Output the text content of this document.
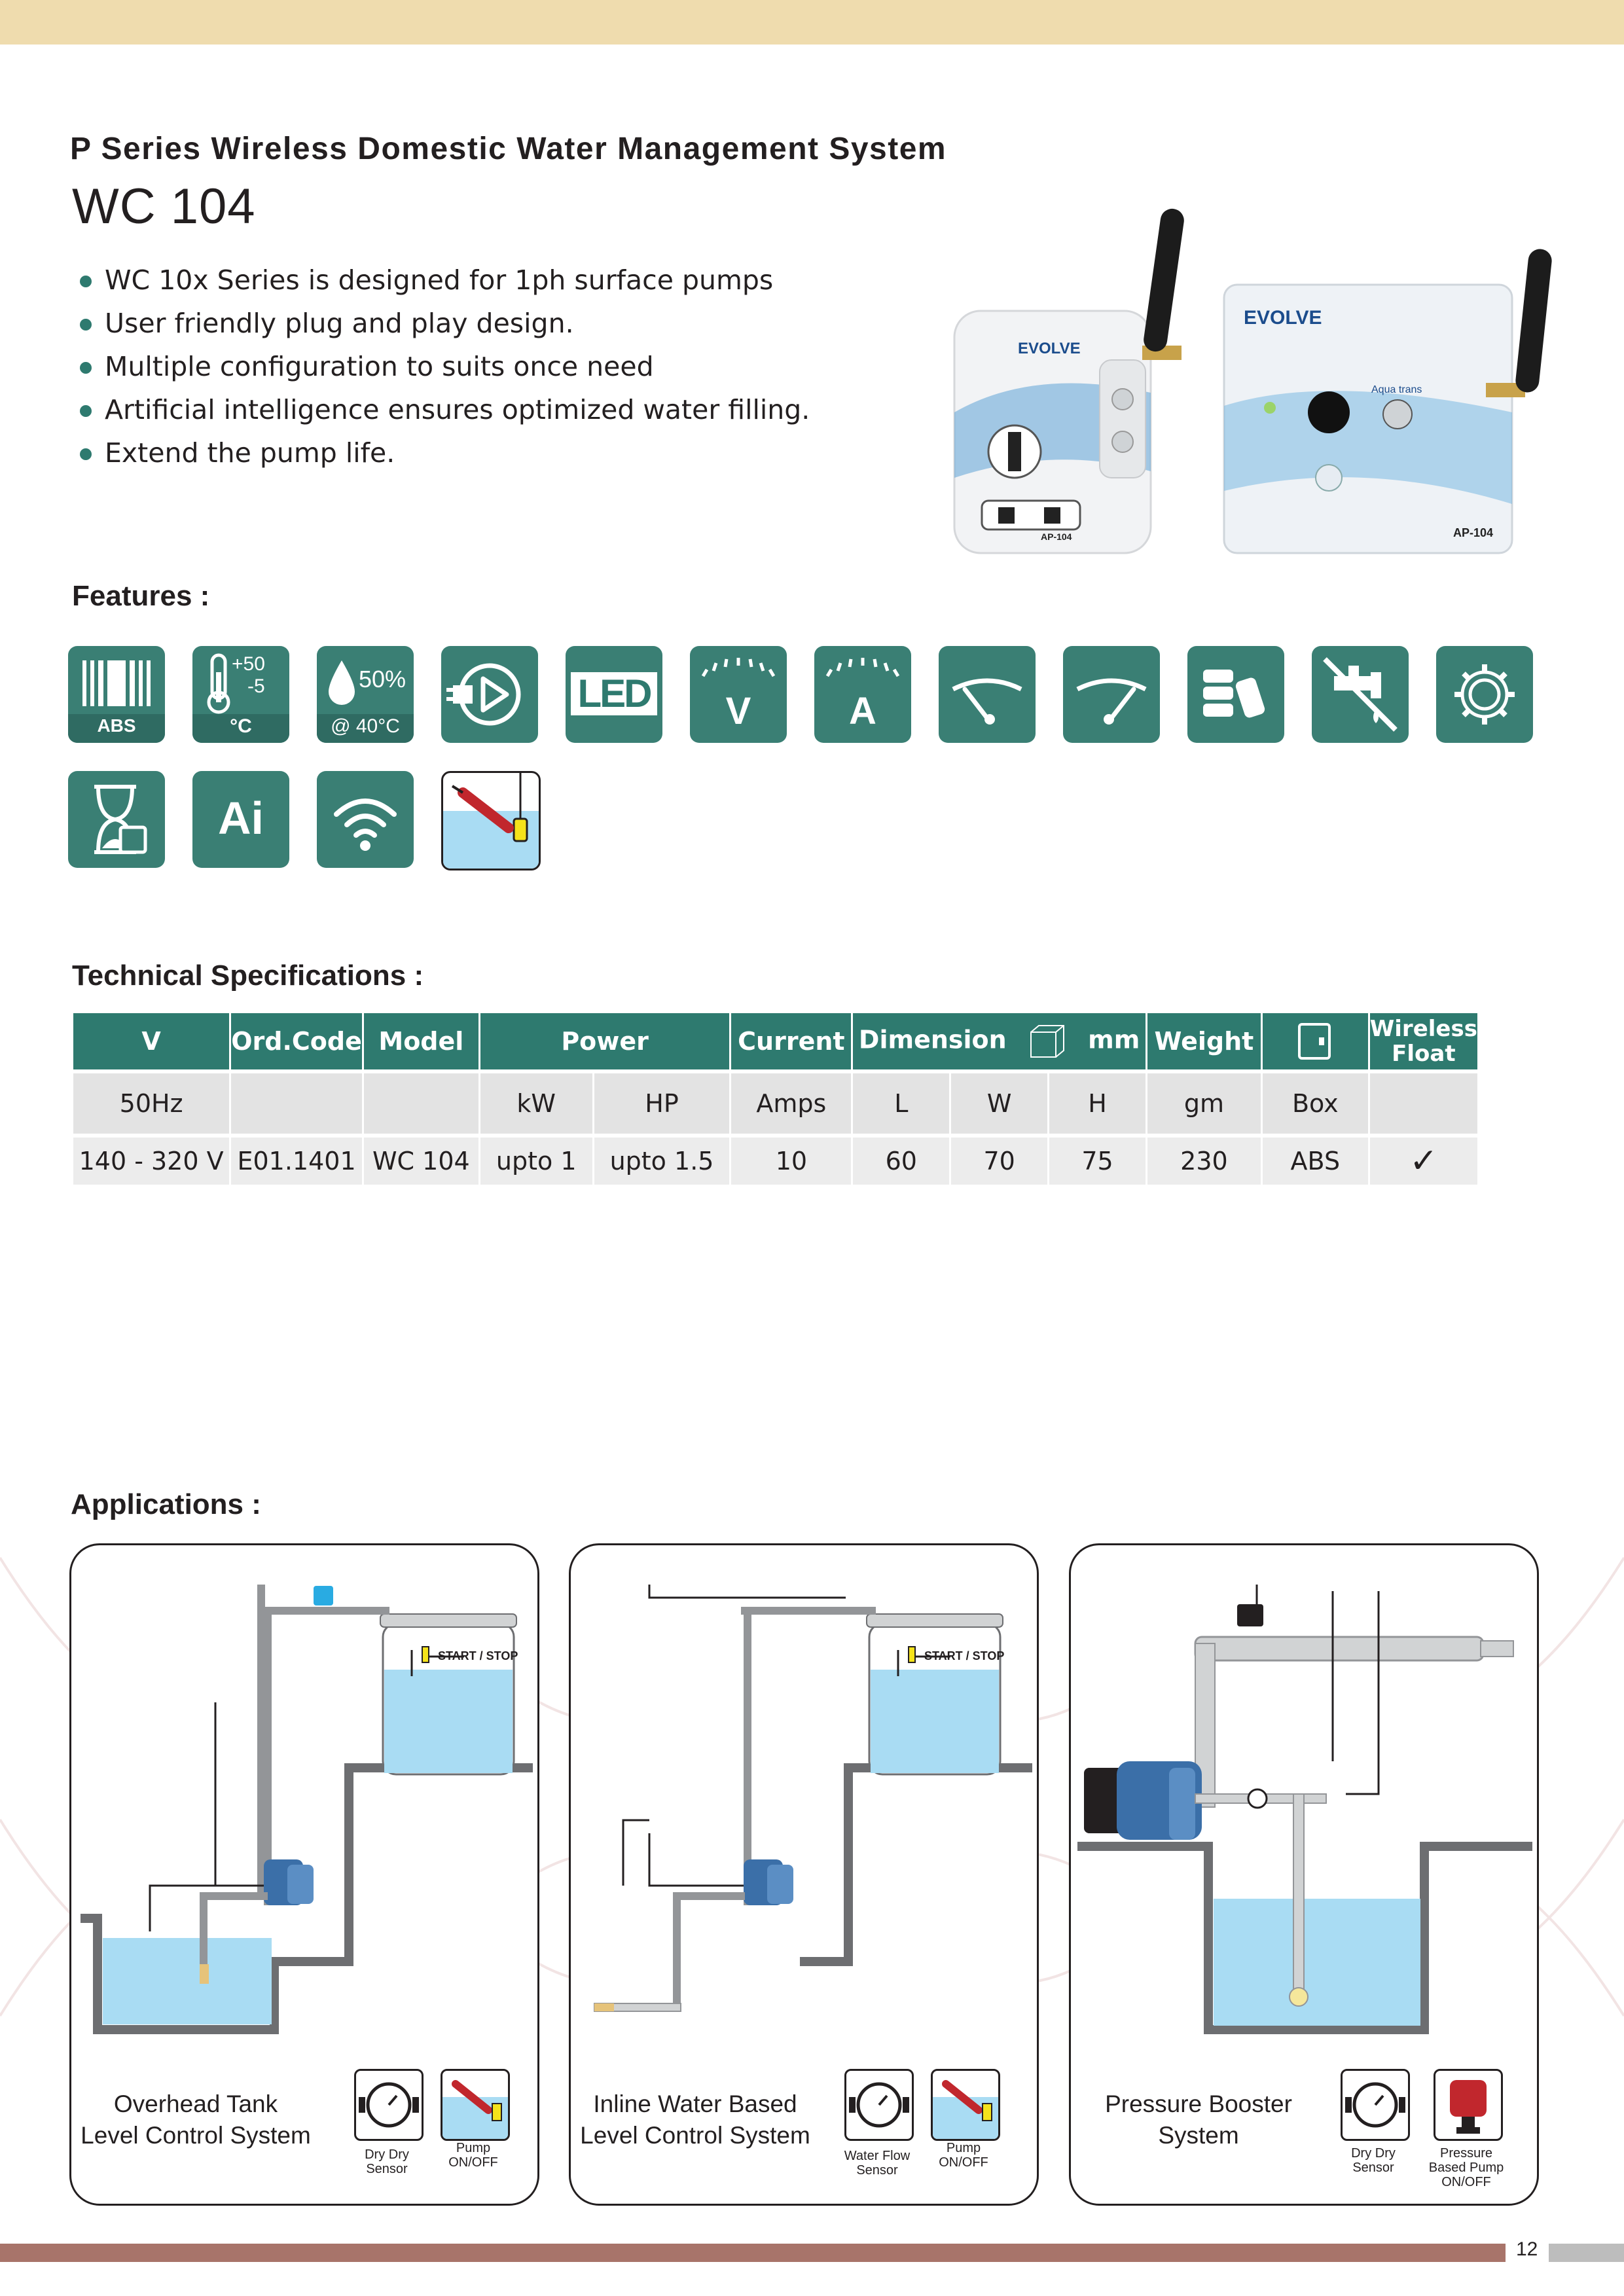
P Series Wireless Domestic Water Management System
WC 104
WC 10x Series is designed for 1ph surface pumps
User friendly plug and play design.
Multiple configuration to suits once need
Artificial intelligence ensures optimized water filling.
Extend the pump life.
EVOLVE
AP-104
EVOLVE
Aqua trans
AP-104
Features :
ABS
+50
-5
°C
50%
@ 40°C
LED	V	A
Ai
Technical Specifications :
V	Ord.Code	Model	Power		Current	Dimension mm			Weight		Wireless Float

50Hz			kW	HP	Amps	L	W	H	gm	Box	

140 - 320 V	E01.1401	WC 104	upto 1	upto 1.5	10	60	70	75	230	ABS	✓
Applications :
START / STOP
Overhead Tank
Level Control System
Dry Dry
Sensor
Pump
ON/OFF
START / STOP
Inline Water Based
Level Control System
Water Flow
Sensor
Pump
ON/OFF
Pressure Booster
System
Dry Dry
Sensor
Pressure
Based Pump
ON/OFF
12
